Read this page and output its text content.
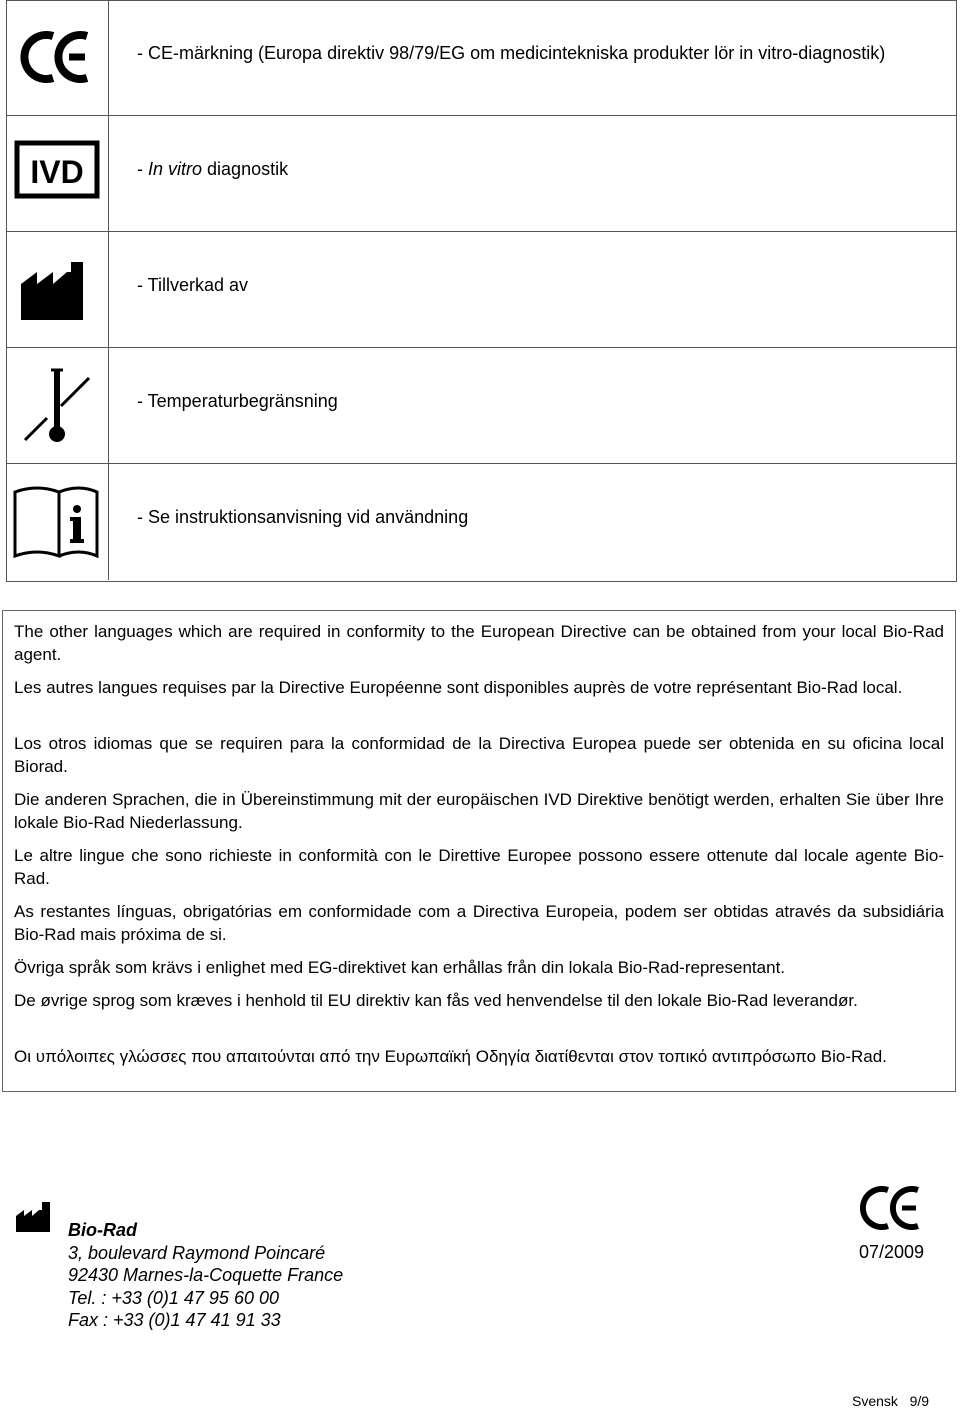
- CE-märkning (Europa direktiv 98/79/EG om medicintekniska produkter lör in vitro-diagnostik)
IVD	- In vitro diagnostik
- Tillverkad av
- Temperaturbegränsning
- Se instruktionsanvisning vid användning
The other languages which are required in conformity to the European Directive can be obtained from your local Bio-Rad agent.
Les autres langues requises par la Directive Européenne sont disponibles auprès de votre représentant Bio-Rad local.
Los otros idiomas que se requiren para la conformidad de la Directiva Europea puede ser obtenida en su oficina local Biorad.
Die anderen Sprachen, die in Übereinstimmung mit der europäischen IVD Direktive benötigt werden, erhalten Sie über Ihre lokale Bio-Rad Niederlassung.
Le altre lingue che sono richieste in conformità con le Direttive Europee possono essere ottenute dal locale agente Bio-Rad.
As restantes línguas, obrigatórias em conformidade com a Directiva Europeia, podem ser obtidas através da subsidiária Bio-Rad mais próxima de si.
Övriga språk som krävs i enlighet med EG-direktivet kan erhållas från din lokala Bio-Rad-representant.
De øvrige sprog som kræves i henhold til EU direktiv kan fås ved henvendelse til den lokale Bio-Rad leverandør.
Οι υπόλοιπες γλώσσες που απαιτούνται από την Ευρωπαϊκή Οδηγία διατίθενται στον τοπικό αντιπρόσωπο Bio-Rad.
Bio-Rad
3, boulevard Raymond Poincaré
92430 Marnes-la-Coquette France
Tel. : +33 (0)1 47 95 60 00
Fax : +33 (0)1 47 41 91 33
07/2009
Svensk 9/9
